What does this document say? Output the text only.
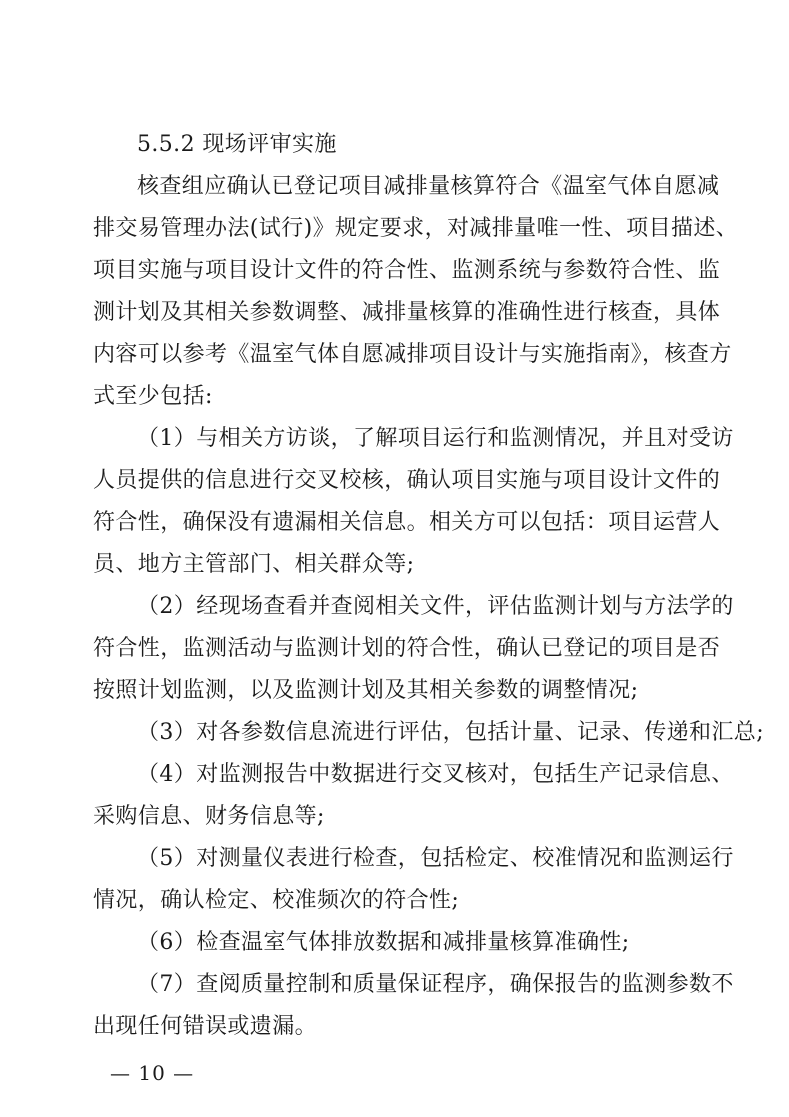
5.5.2 现场评审实施
核查组应确认已登记项目减排量核算符合《温室气体自愿减
排交易管理办法(试行)》规定要求，对减排量唯一性、项目描述、
项目实施与项目设计文件的符合性、监测系统与参数符合性、监
测计划及其相关参数调整、减排量核算的准确性进行核查，具体
内容可以参考《温室气体自愿减排项目设计与实施指南》，核查方
式至少包括:
（1）与相关方访谈，了解项目运行和监测情况，并且对受访
人员提供的信息进行交叉校核，确认项目实施与项目设计文件的
符合性，确保没有遗漏相关信息。相关方可以包括：项目运营人
员、地方主管部门、相关群众等;
（2）经现场查看并查阅相关文件，评估监测计划与方法学的
符合性，监测活动与监测计划的符合性，确认已登记的项目是否
按照计划监测，以及监测计划及其相关参数的调整情况;
（3）对各参数信息流进行评估，包括计量、记录、传递和汇总;
（4）对监测报告中数据进行交叉核对，包括生产记录信息、
采购信息、财务信息等;
（5）对测量仪表进行检查，包括检定、校准情况和监测运行
情况，确认检定、校准频次的符合性;
（6）检查温室气体排放数据和减排量核算准确性;
（7）查阅质量控制和质量保证程序，确保报告的监测参数不
出现任何错误或遗漏。
— 10 —
